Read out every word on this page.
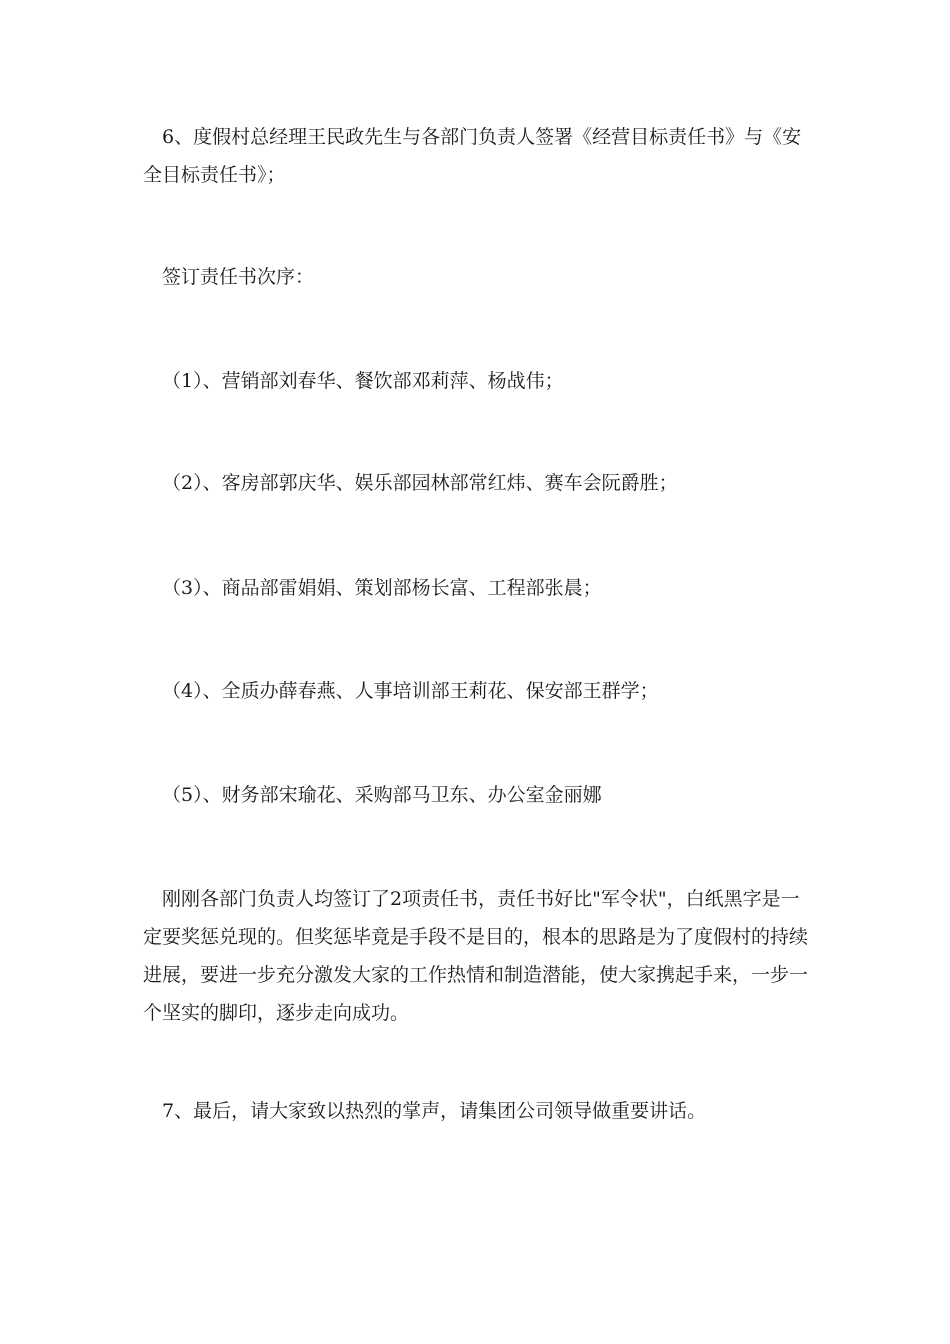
6、度假村总经理王民政先生与各部门负责人签署《经营目标责任书》与《安全目标责任书》；

签订责任书次序：

（1）、营销部刘春华、餐饮部邓莉萍、杨战伟；

（2）、客房部郭庆华、娱乐部园林部常红炜、赛车会阮爵胜；

（3）、商品部雷娟娟、策划部杨长富、工程部张晨；

（4）、全质办薛春燕、人事培训部王莉花、保安部王群学；

（5）、财务部宋瑜花、采购部马卫东、办公室金丽娜

刚刚各部门负责人均签订了2项责任书，责任书好比"军令状"，白纸黑字是一定要奖惩兑现的。但奖惩毕竟是手段不是目的，根本的思路是为了度假村的持续进展，要进一步充分激发大家的工作热情和制造潜能，使大家携起手来，一步一个坚实的脚印，逐步走向成功。

7、最后，请大家致以热烈的掌声，请集团公司领导做重要讲话。
